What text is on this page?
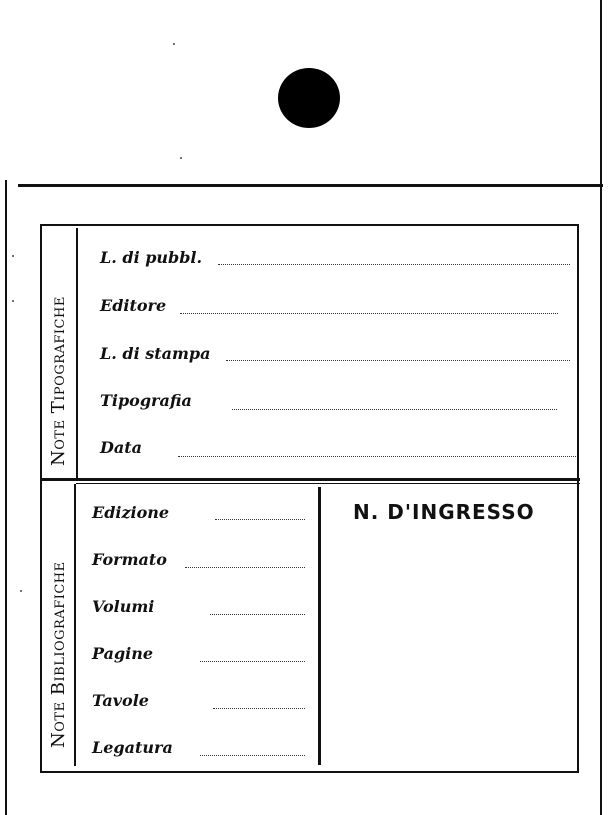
Note Tipografiche
Note Bibliografiche
L. di pubbl.
Editore
L. di stampa
Tipografia
Data
Edizione
Formato
Volumi
Pagine
Tavole
Legatura
N. D'INGRESSO
